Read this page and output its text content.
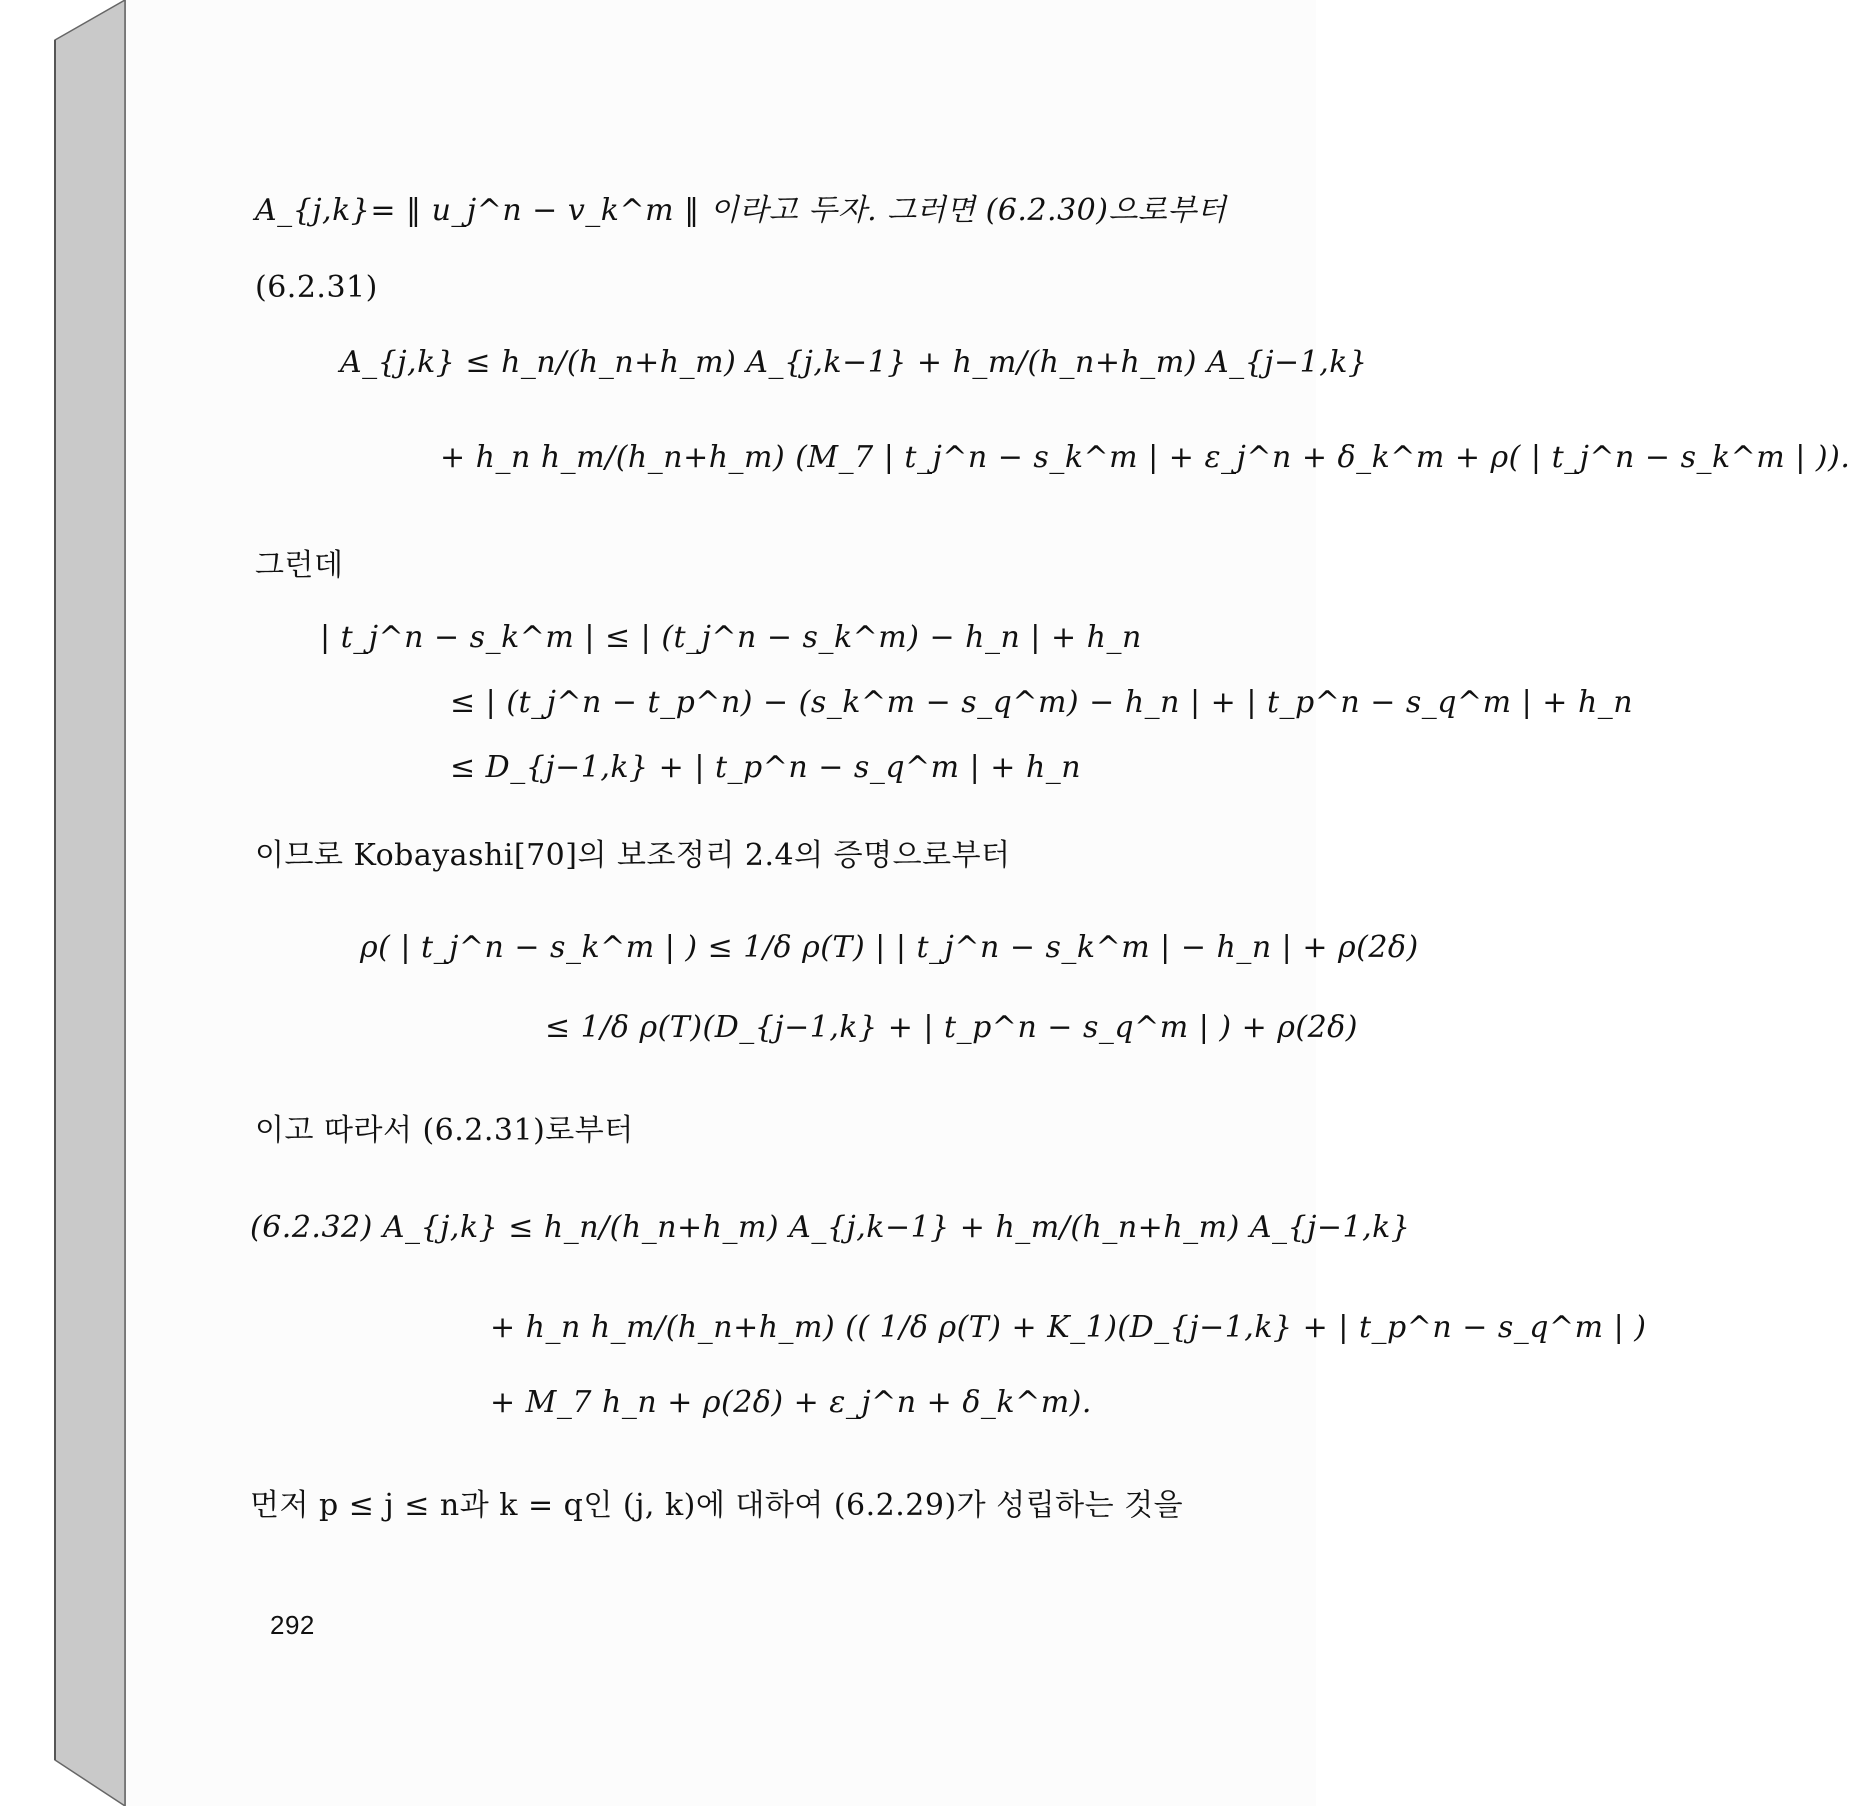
A_{j,k}= ‖ u_j^n − v_k^m ‖ 이라고 두자. 그러면 (6.2.30)으로부터
(6.2.31)
A_{j,k} ≤ h_n/(h_n+h_m) A_{j,k−1} + h_m/(h_n+h_m) A_{j−1,k}
+ h_n h_m/(h_n+h_m) (M_7 | t_j^n − s_k^m | + ε_j^n + δ_k^m + ρ( | t_j^n − s_k^m | )).
그런데
| t_j^n − s_k^m | ≤ | (t_j^n − s_k^m) − h_n | + h_n
≤ | (t_j^n − t_p^n) − (s_k^m − s_q^m) − h_n | + | t_p^n − s_q^m | + h_n
≤ D_{j−1,k} + | t_p^n − s_q^m | + h_n
이므로 Kobayashi[70]의 보조정리 2.4의 증명으로부터
ρ( | t_j^n − s_k^m | ) ≤ 1/δ ρ(T) | | t_j^n − s_k^m | − h_n | + ρ(2δ)
≤ 1/δ ρ(T)(D_{j−1,k} + | t_p^n − s_q^m | ) + ρ(2δ)
이고 따라서 (6.2.31)로부터
(6.2.32) A_{j,k} ≤ h_n/(h_n+h_m) A_{j,k−1} + h_m/(h_n+h_m) A_{j−1,k}
+ h_n h_m/(h_n+h_m) (( 1/δ ρ(T) + K_1)(D_{j−1,k} + | t_p^n − s_q^m | )
+ M_7 h_n + ρ(2δ) + ε_j^n + δ_k^m).
먼저 p ≤ j ≤ n과 k = q인 (j, k)에 대하여 (6.2.29)가 성립하는 것을
292
